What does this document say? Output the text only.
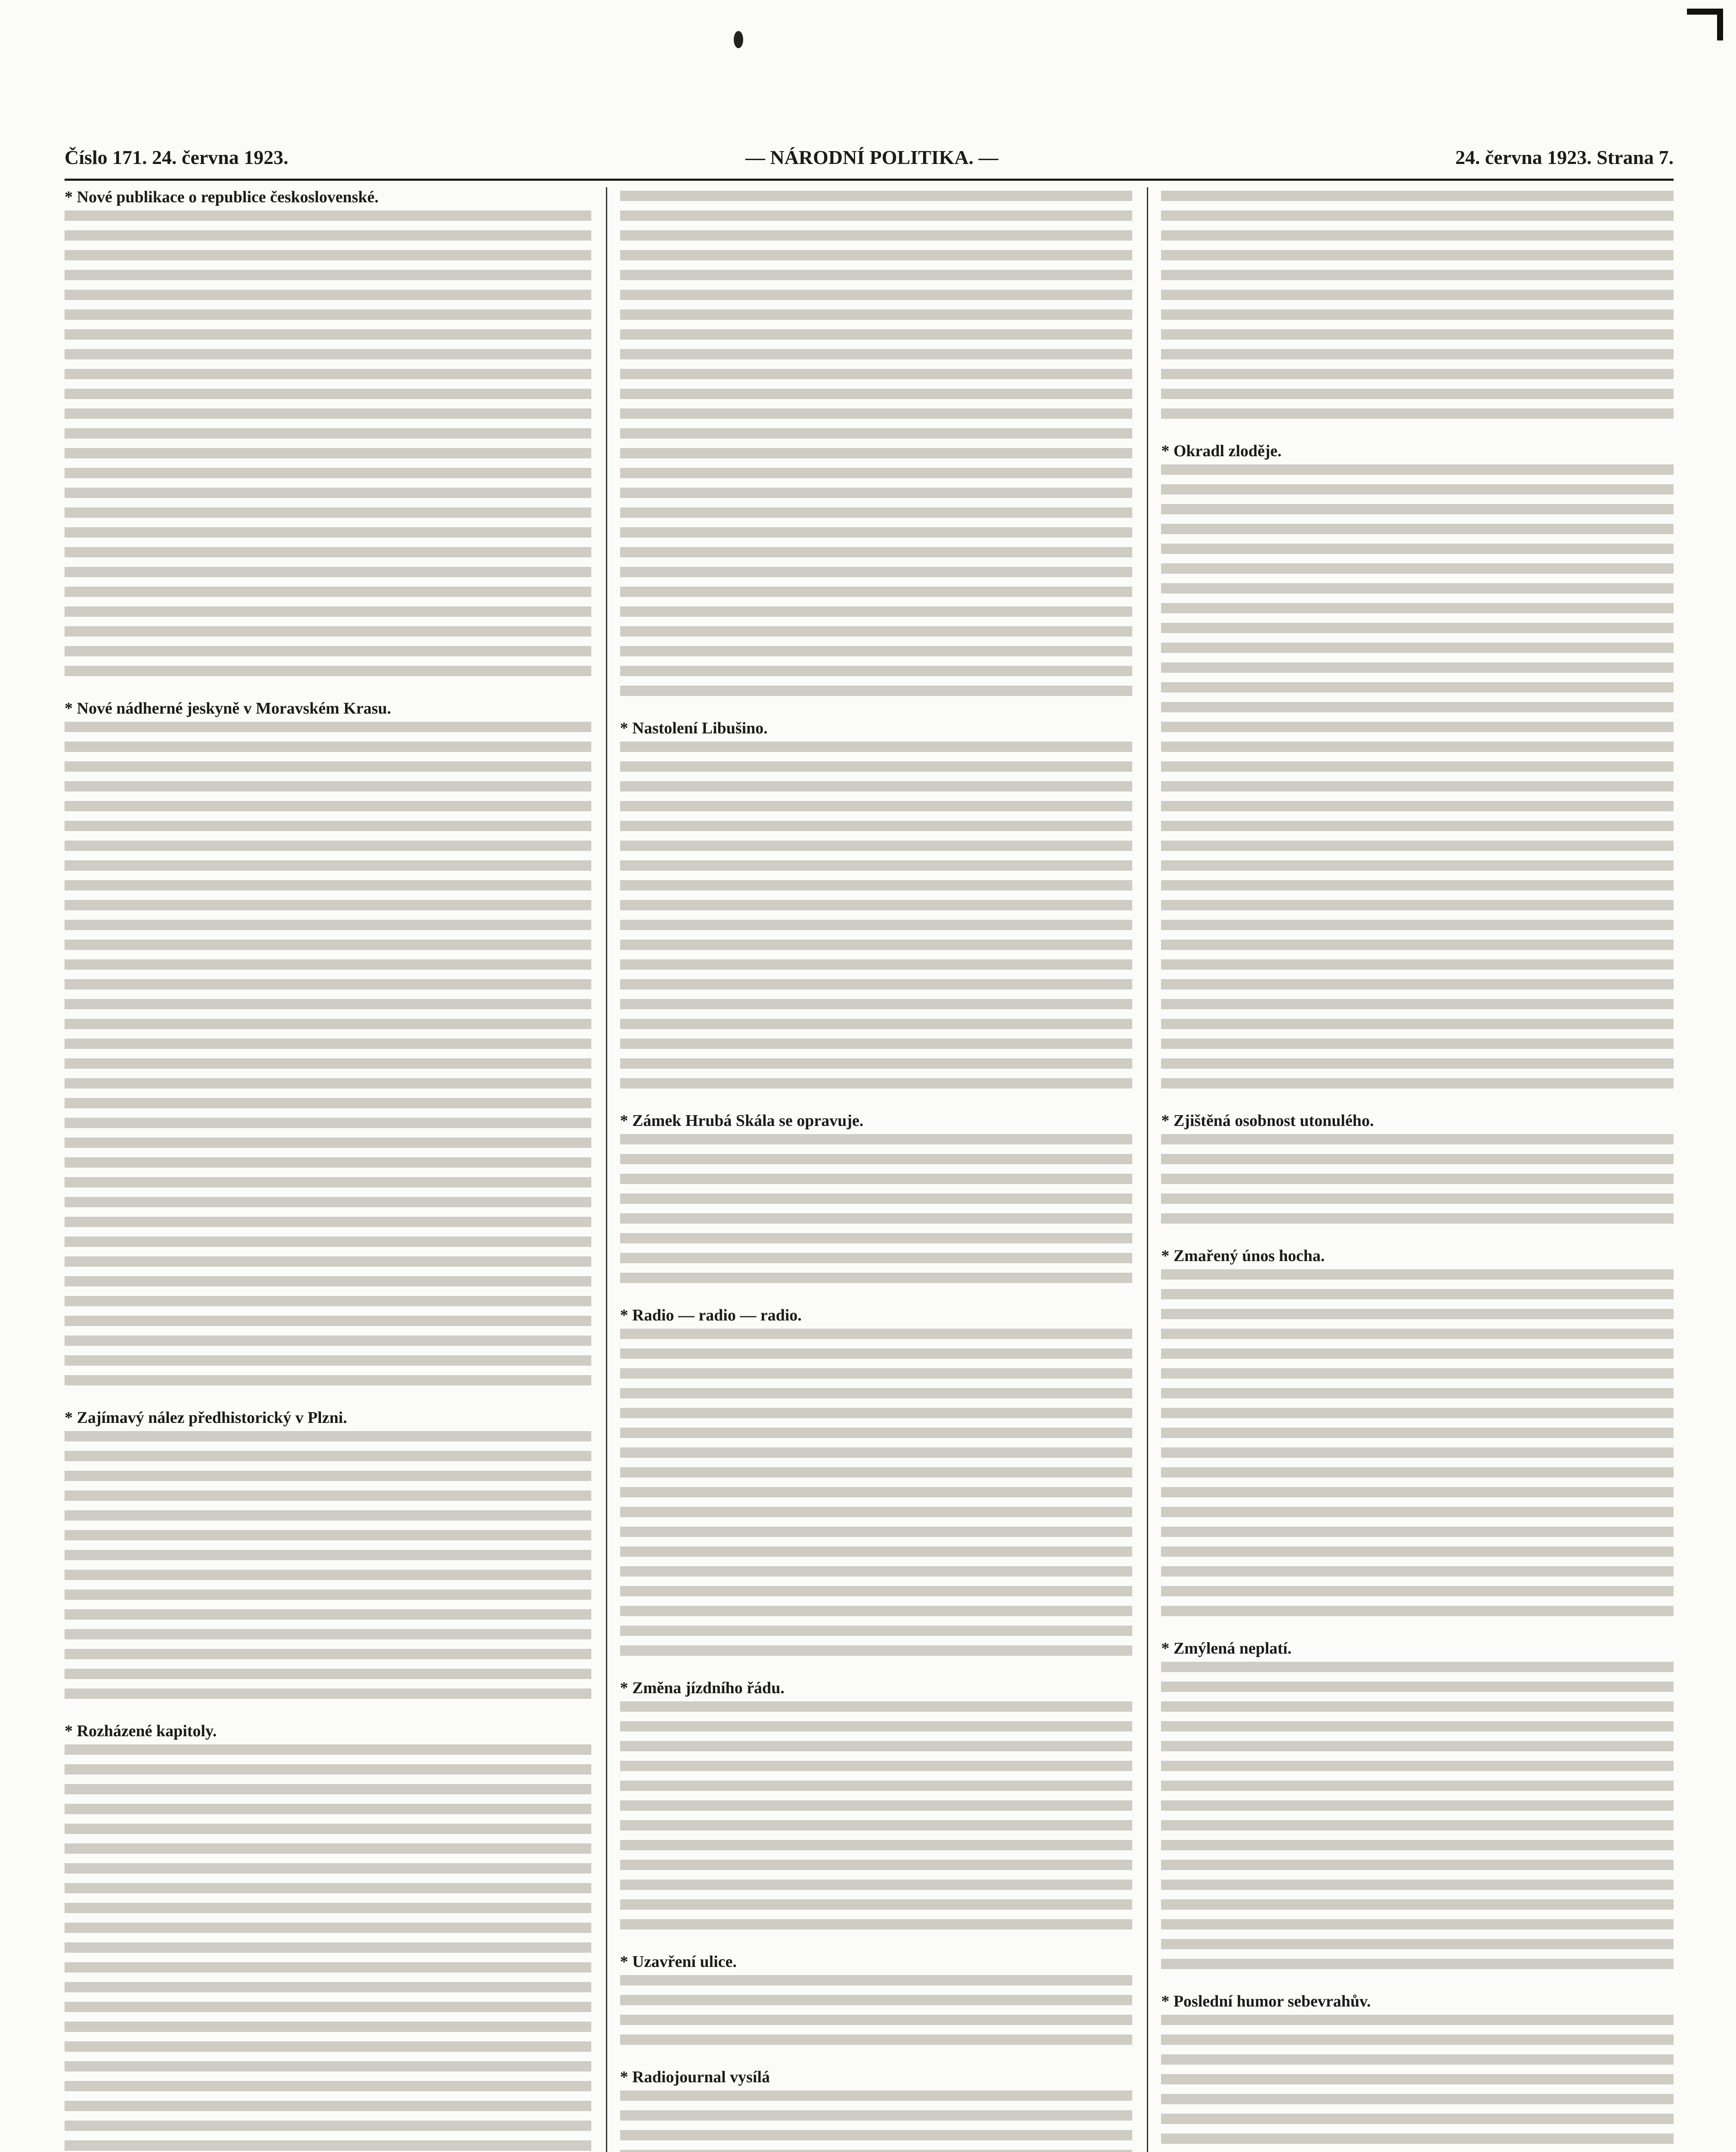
Číslo 171. 24. června 1923.	— NÁRODNÍ POLITIKA. —	24. června 1923. Strana 7.
* Nové publikace o republice československé.
* Nové nádherné jeskyně v Moravském Krasu.
* Zajímavý nález předhistorický v Plzni.
* Rozházené kapitoly.
* Nastolení Libušino.
* Zámek Hrubá Skála se opravuje.
* Radio — radio — radio.
* Změna jízdního řádu.
* Uzavření ulice.
* Radiojournal vysílá
* Okradl zloděje.
* Zjištěná osobnost utonulého.
* Zmařený únos hocha.
* Zmýlená neplatí.
* Poslední humor sebevrahův.
